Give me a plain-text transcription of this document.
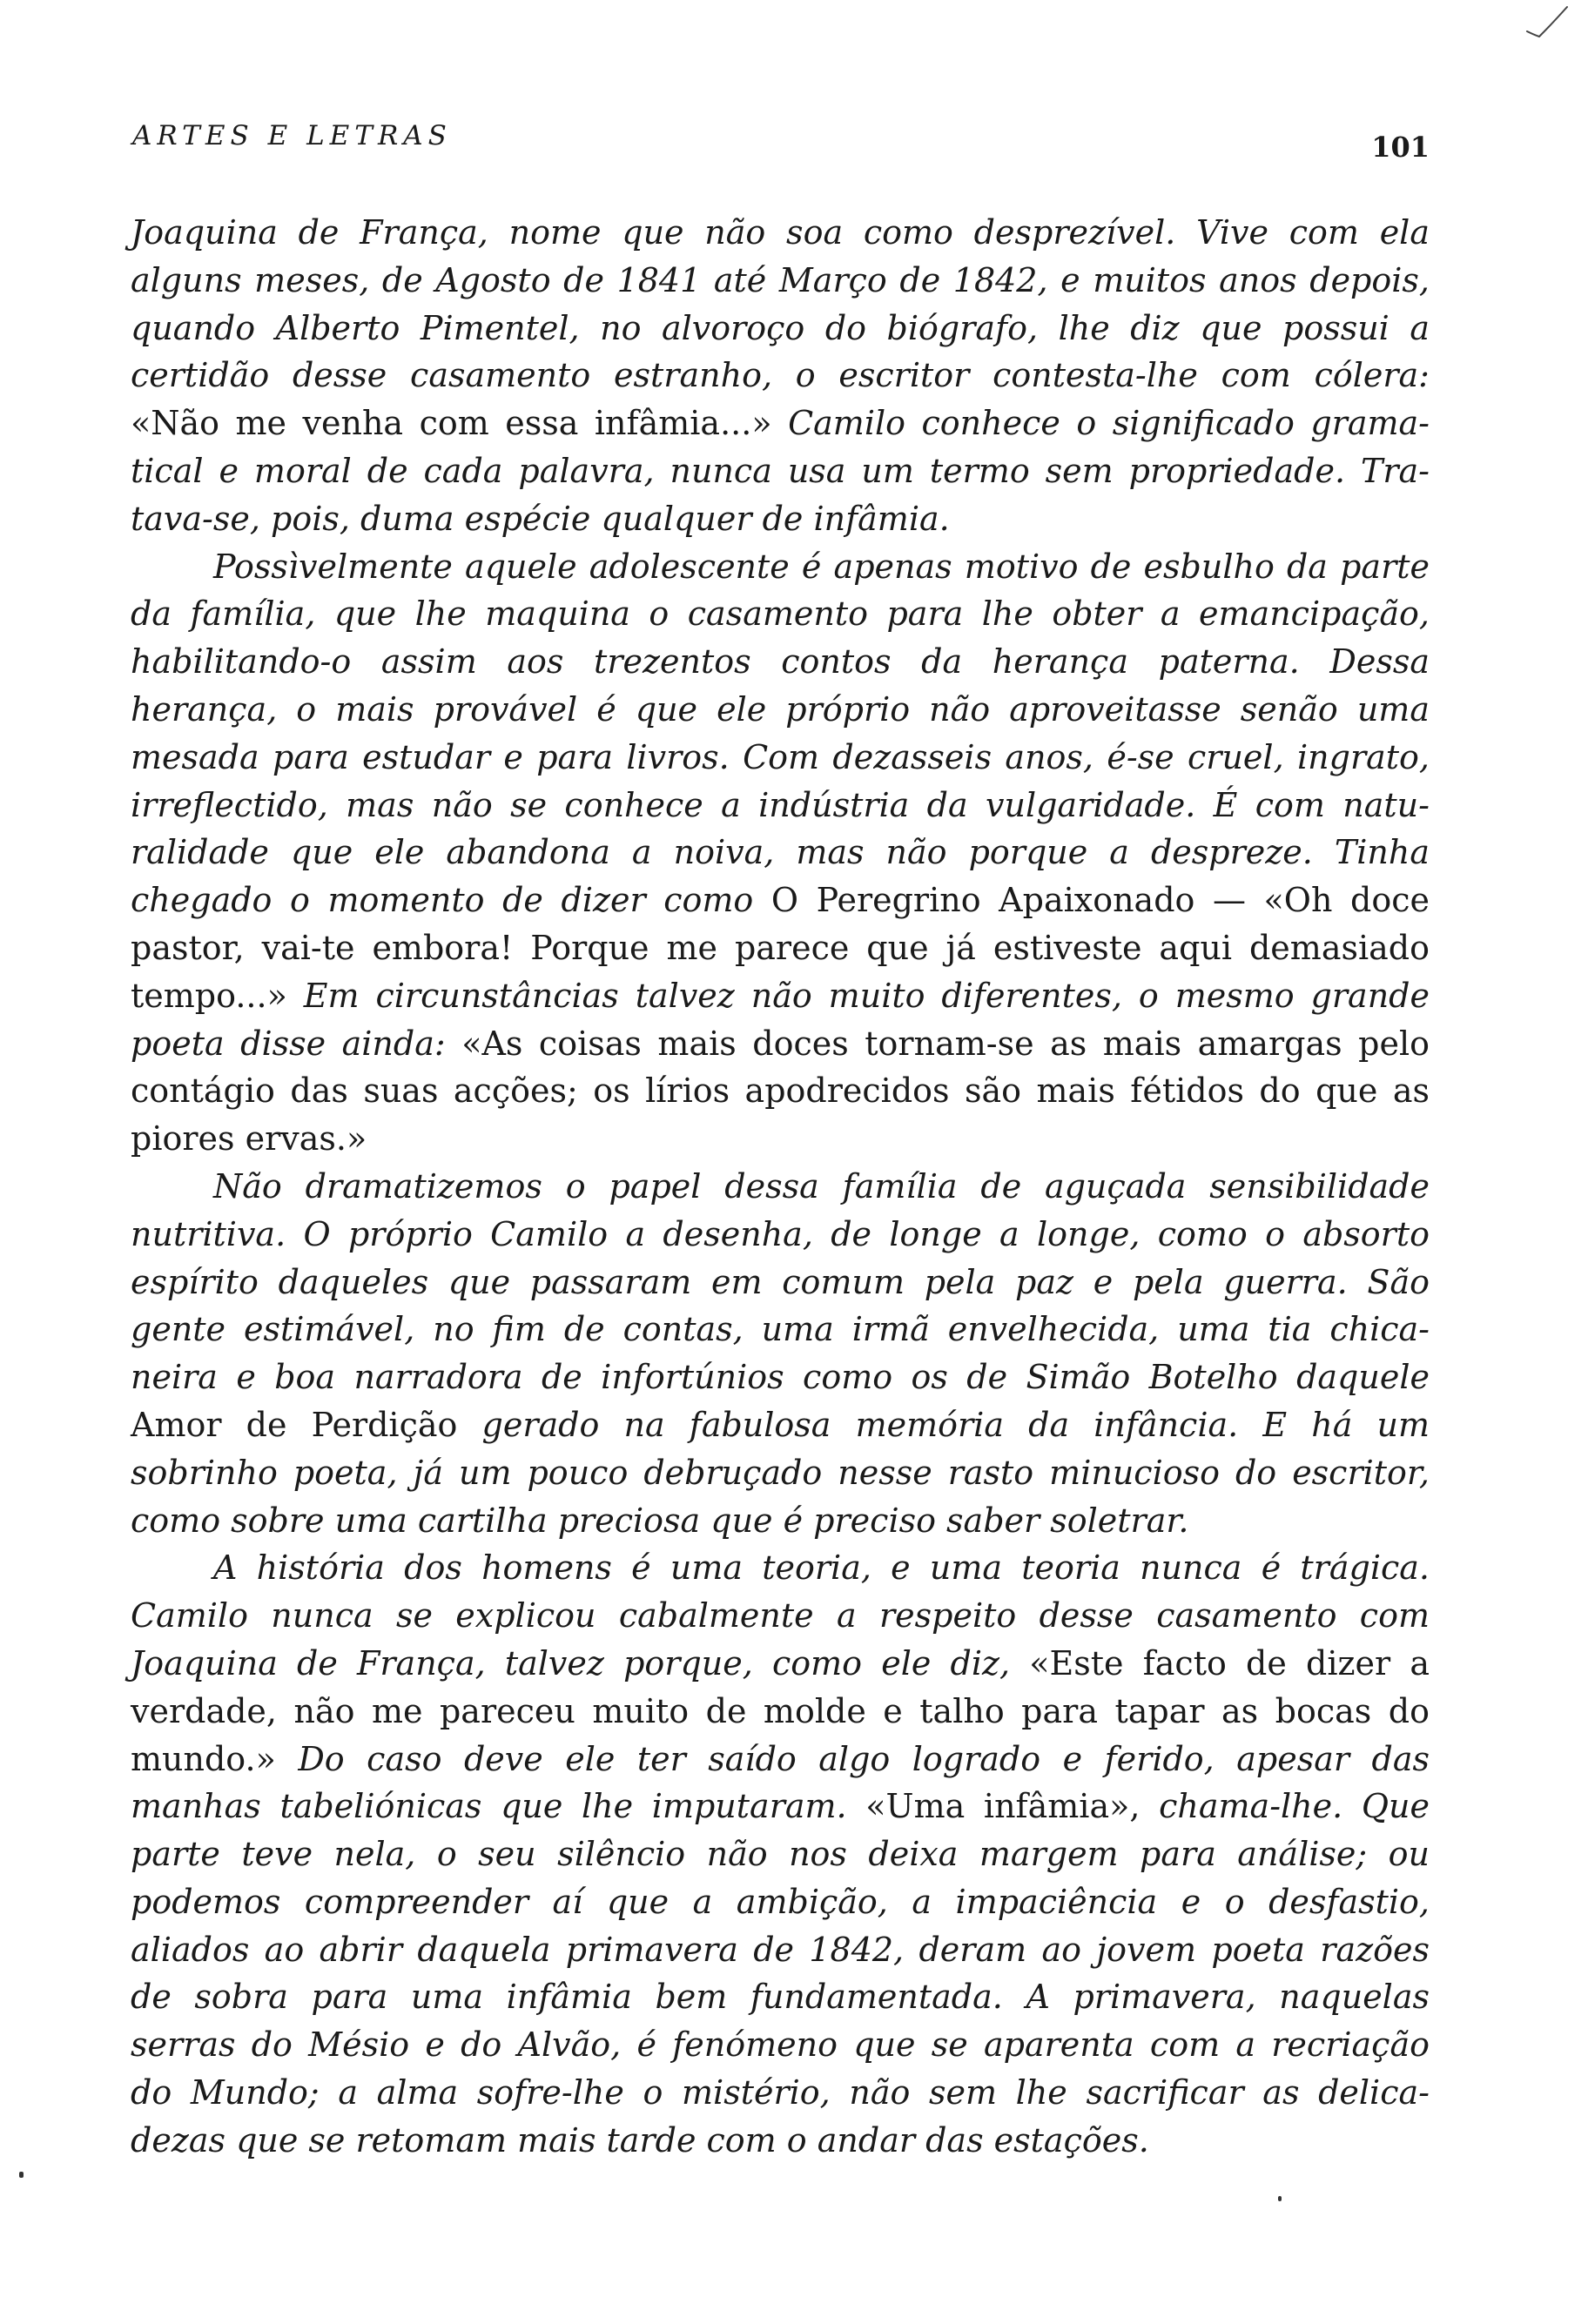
ARTES E LETRAS	101
Joaquina de França, nome que não soa como desprezível. Vive com ela
alguns meses, de Agosto de 1841 até Março de 1842, e muitos anos depois,
quando Alberto Pimentel, no alvoroço do biógrafo, lhe diz que possui a
certidão desse casamento estranho, o escritor contesta-lhe com cólera:
«Não me venha com essa infâmia...» Camilo conhece o significado grama-
tical e moral de cada palavra, nunca usa um termo sem propriedade. Tra-
tava-se, pois, duma espécie qualquer de infâmia.
Possìvelmente aquele adolescente é apenas motivo de esbulho da parte
da família, que lhe maquina o casamento para lhe obter a emancipação,
habilitando-o assim aos trezentos contos da herança paterna. Dessa
herança, o mais provável é que ele próprio não aproveitasse senão uma
mesada para estudar e para livros. Com dezasseis anos, é-se cruel, ingrato,
irreflectido, mas não se conhece a indústria da vulgaridade. É com natu-
ralidade que ele abandona a noiva, mas não porque a despreze. Tinha
chegado o momento de dizer como O Peregrino Apaixonado — «Oh doce
pastor, vai-te embora! Porque me parece que já estiveste aqui demasiado
tempo...» Em circunstâncias talvez não muito diferentes, o mesmo grande
poeta disse ainda: «As coisas mais doces tornam-se as mais amargas pelo
contágio das suas acções; os lírios apodrecidos são mais fétidos do que as
piores ervas.»
Não dramatizemos o papel dessa família de aguçada sensibilidade
nutritiva. O próprio Camilo a desenha, de longe a longe, como o absorto
espírito daqueles que passaram em comum pela paz e pela guerra. São
gente estimável, no fim de contas, uma irmã envelhecida, uma tia chica-
neira e boa narradora de infortúnios como os de Simão Botelho daquele
Amor de Perdição gerado na fabulosa memória da infância. E há um
sobrinho poeta, já um pouco debruçado nesse rasto minucioso do escritor,
como sobre uma cartilha preciosa que é preciso saber soletrar.
A história dos homens é uma teoria, e uma teoria nunca é trágica.
Camilo nunca se explicou cabalmente a respeito desse casamento com
Joaquina de França, talvez porque, como ele diz, «Este facto de dizer a
verdade, não me pareceu muito de molde e talho para tapar as bocas do
mundo.» Do caso deve ele ter saído algo logrado e ferido, apesar das
manhas tabeliónicas que lhe imputaram. «Uma infâmia», chama-lhe. Que
parte teve nela, o seu silêncio não nos deixa margem para análise; ou
podemos compreender aí que a ambição, a impaciência e o desfastio,
aliados ao abrir daquela primavera de 1842, deram ao jovem poeta razões
de sobra para uma infâmia bem fundamentada. A primavera, naquelas
serras do Mésio e do Alvão, é fenómeno que se aparenta com a recriação
do Mundo; a alma sofre-lhe o mistério, não sem lhe sacrificar as delica-
dezas que se retomam mais tarde com o andar das estações.
